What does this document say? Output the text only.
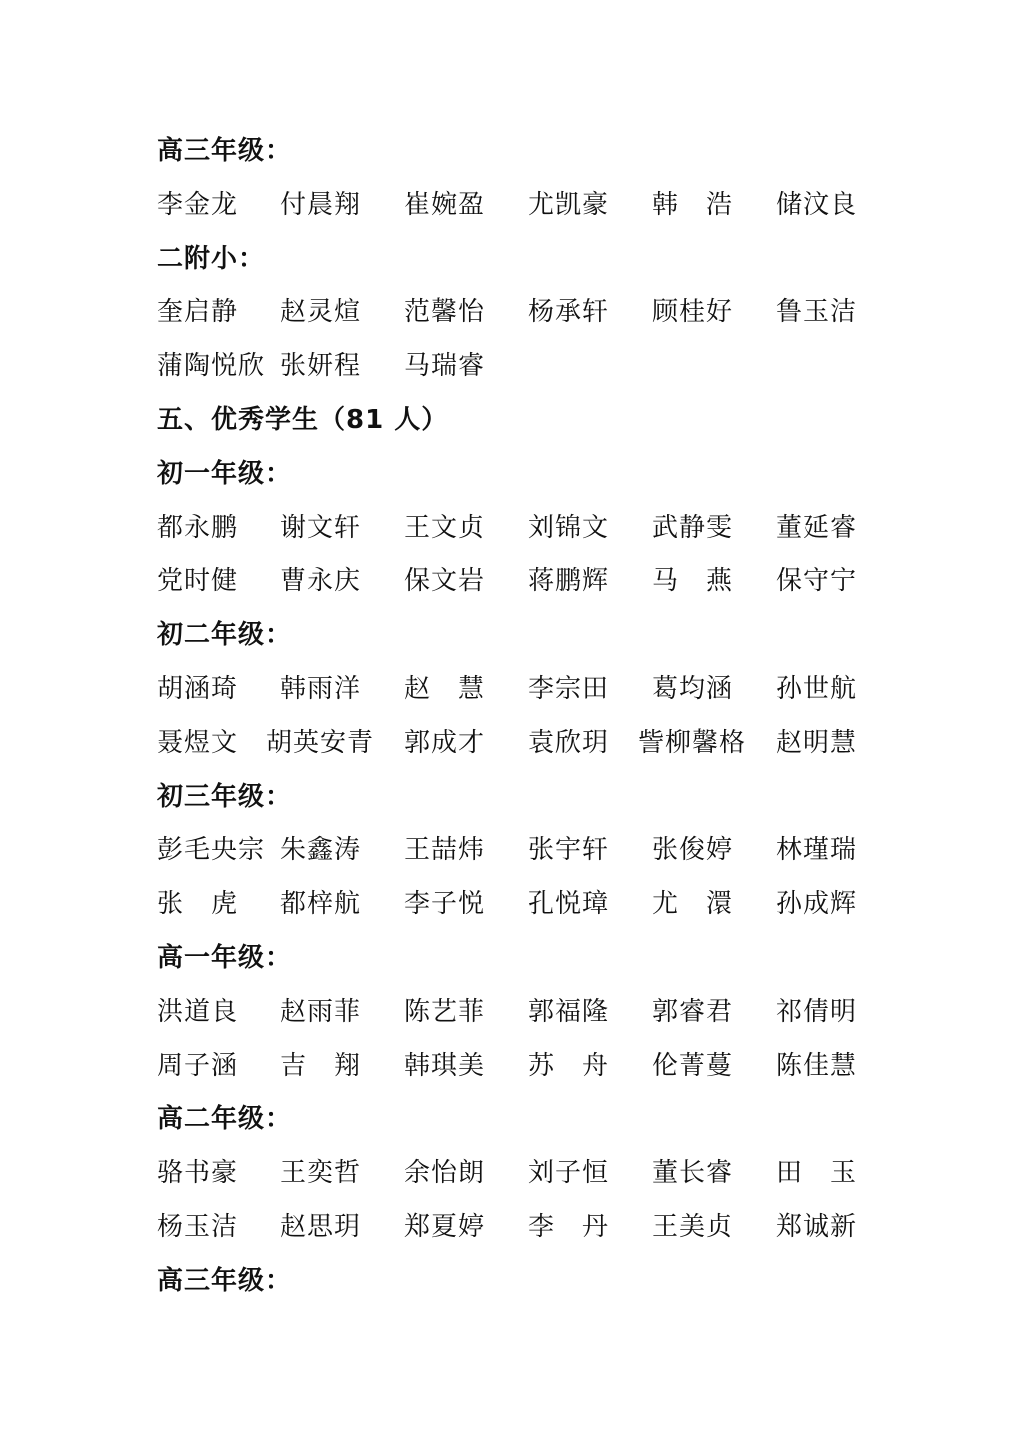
高三年级：
李金龙 付晨翔 崔婉盈 尤凯豪 韩　浩 储汶良
二附小：
奎启静 赵灵煊 范馨怡 杨承轩 顾桂好 鲁玉洁
蒲陶悦欣 张妍程 马瑞睿
五、优秀学生（81 人）
初一年级：
都永鹏 谢文轩 王文贞 刘锦文 武静雯 董延睿
党时健 曹永庆 保文岩 蒋鹏辉 马　燕 保守宁
初二年级：
胡涵琦 韩雨洋 赵　慧 李宗田 葛均涵 孙世航
聂煜文 胡英安青 郭成才 袁欣玥 訾柳馨格 赵明慧
初三年级：
彭毛央宗 朱鑫涛 王喆炜 张宇轩 张俊婷 林瑾瑞
张　虎 都梓航 李子悦 孔悦璋 尤　澴 孙成辉
高一年级：
洪道良 赵雨菲 陈艺菲 郭福隆 郭睿君 祁倩明
周子涵 吉　翔 韩琪美 苏　舟 伦菁蔓 陈佳慧
高二年级：
骆书豪 王奕哲 余怡朗 刘子恒 董长睿 田　玉
杨玉洁 赵思玥 郑夏婷 李　丹 王美贞 郑诚新
高三年级：
